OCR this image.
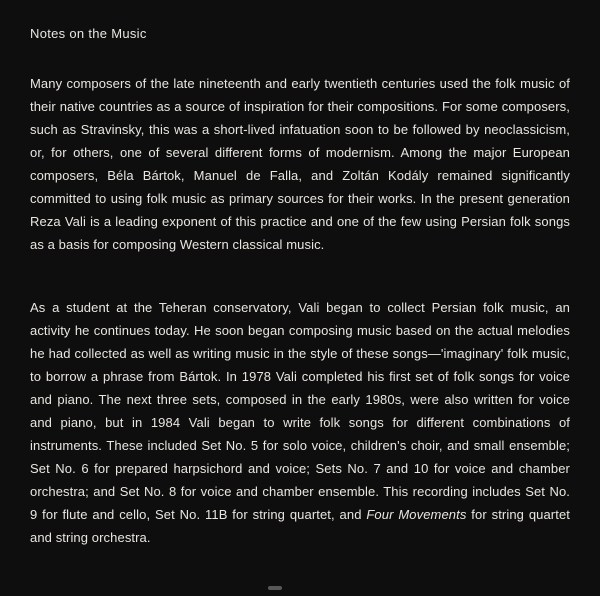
Notes on the Music

Many composers of the late nineteenth and early twentieth centuries used the folk music of their native countries as a source of inspiration for their compositions. For some composers, such as Stravinsky, this was a short-lived infatuation soon to be followed by neoclassicism, or, for others, one of several different forms of modernism. Among the major European composers, Béla Bártok, Manuel de Falla, and Zoltán Kodály remained significantly committed to using folk music as primary sources for their works. In the present generation Reza Vali is a leading exponent of this practice and one of the few using Persian folk songs as a basis for composing Western classical music.

As a student at the Teheran conservatory, Vali began to collect Persian folk music, an activity he continues today. He soon began composing music based on the actual melodies he had collected as well as writing music in the style of these songs—'imaginary' folk music, to borrow a phrase from Bártok. In 1978 Vali completed his first set of folk songs for voice and piano. The next three sets, composed in the early 1980s, were also written for voice and piano, but in 1984 Vali began to write folk songs for different combinations of instruments. These included Set No. 5 for solo voice, children's choir, and small ensemble; Set No. 6 for prepared harpsichord and voice; Sets No. 7 and 10 for voice and chamber orchestra; and Set No. 8 for voice and chamber ensemble. This recording includes Set No. 9 for flute and cello, Set No. 11B for string quartet, and Four Movements for string quartet and string orchestra.
